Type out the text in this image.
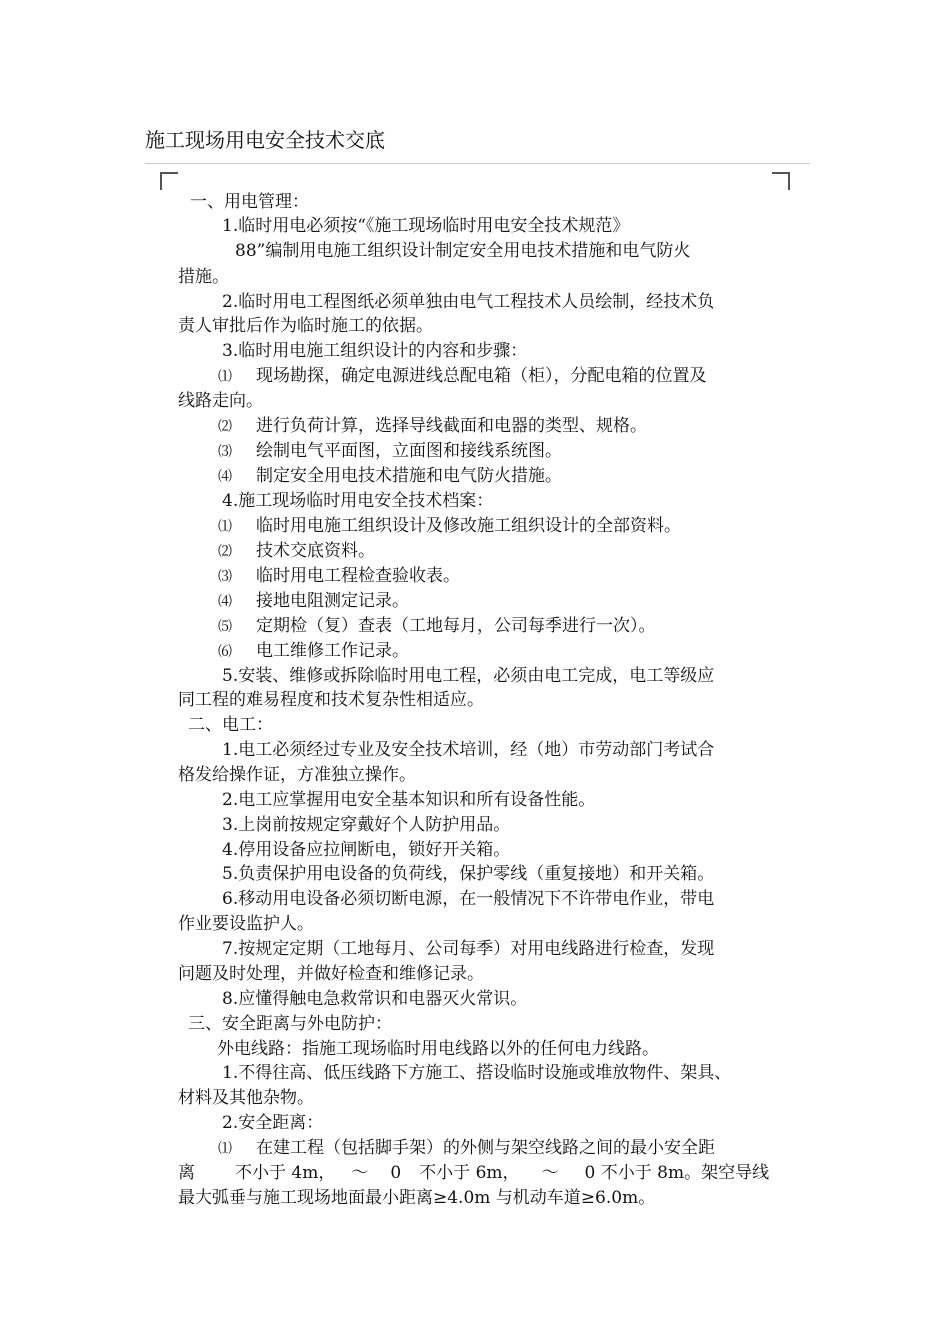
施工现场用电安全技术交底
一、用电管理：
1.临时用电必须按“《施工现场临时用电安全技术规范》
88”编制用电施工组织设计制定安全用电技术措施和电气防火
措施。
2.临时用电工程图纸必须单独由电气工程技术人员绘制，经技术负
责人审批后作为临时施工的依据。
3.临时用电施工组织设计的内容和步骤：
⑴ 现场勘探，确定电源进线总配电箱（柜），分配电箱的位置及
线路走向。
⑵ 进行负荷计算，选择导线截面和电器的类型、规格。
⑶ 绘制电气平面图，立面图和接线系统图。
⑷ 制定安全用电技术措施和电气防火措施。
4.施工现场临时用电安全技术档案：
⑴ 临时用电施工组织设计及修改施工组织设计的全部资料。
⑵ 技术交底资料。
⑶ 临时用电工程检查验收表。
⑷ 接地电阻测定记录。
⑸ 定期检（复）查表（工地每月，公司每季进行一次）。
⑹ 电工维修工作记录。
5.安装、维修或拆除临时用电工程，必须由电工完成，电工等级应
同工程的难易程度和技术复杂性相适应。
二、电工：
1.电工必须经过专业及安全技术培训，经（地）市劳动部门考试合
格发给操作证，方准独立操作。
2.电工应掌握用电安全基本知识和所有设备性能。
3.上岗前按规定穿戴好个人防护用品。
4.停用设备应拉闸断电，锁好开关箱。
5.负责保护用电设备的负荷线，保护零线（重复接地）和开关箱。
6.移动用电设备必须切断电源，在一般情况下不许带电作业，带电
作业要设监护人。
7.按规定定期（工地每月、公司每季）对用电线路进行检查，发现
问题及时处理，并做好检查和维修记录。
8.应懂得触电急救常识和电器灭火常识。
三、安全距离与外电防护：
外电线路：指施工现场临时用电线路以外的任何电力线路。
1.不得往高、低压线路下方施工、搭设临时设施或堆放物件、架具、
材料及其他杂物。
2.安全距离：
⑴ 在建工程（包括脚手架）的外侧与架空线路之间的最小安全距
离 不小于 4m， ～ 0 不小于 6m， ～ 0 不小于 8m。架空导线
最大弧垂与施工现场地面最小距离≥4.0m 与机动车道≥6.0m。
